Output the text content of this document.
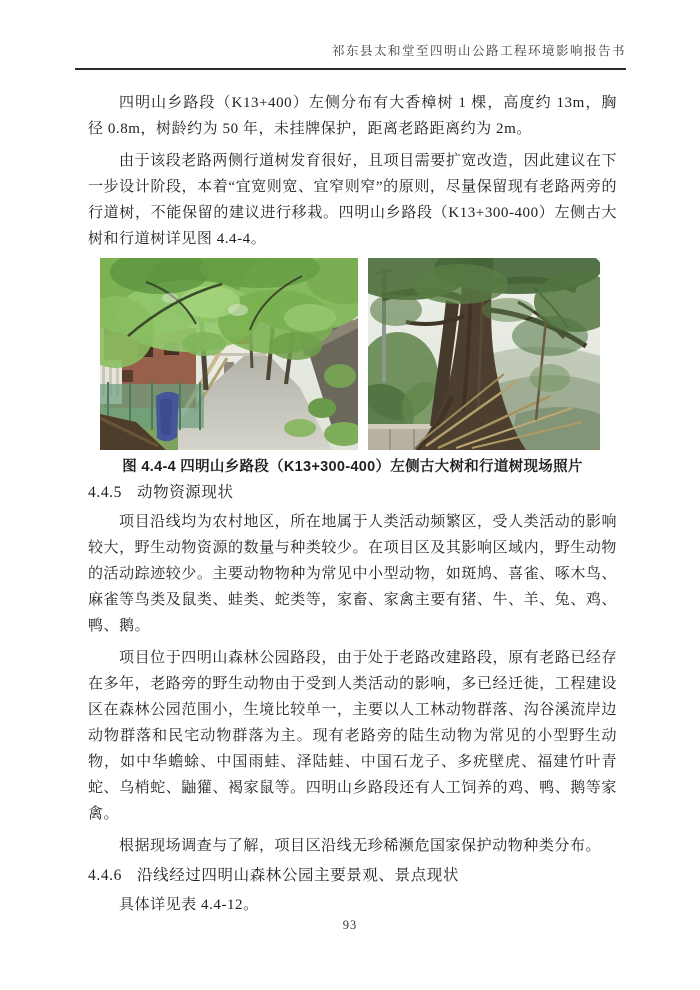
祁东县太和堂至四明山公路工程环境影响报告书

四明山乡路段（K13+400）左侧分布有大香樟树 1 棵，高度约 13m，胸径 0.8m，树龄约为 50 年，未挂牌保护，距离老路距离约为 2m。

由于该段老路两侧行道树发育很好，且项目需要扩宽改造，因此建议在下一步设计阶段，本着“宜宽则宽、宜窄则窄”的原则，尽量保留现有老路两旁的行道树，不能保留的建议进行移栽。四明山乡路段（K13+300-400）左侧古大树和行道树详见图 4.4-4。

图 4.4-4 四明山乡路段（K13+300-400）左侧古大树和行道树现场照片
4.4.5 动物资源现状

项目沿线均为农村地区，所在地属于人类活动频繁区，受人类活动的影响较大，野生动物资源的数量与种类较少。在项目区及其影响区域内，野生动物的活动踪迹较少。主要动物物种为常见中小型动物，如斑鸠、喜雀、啄木鸟、麻雀等鸟类及鼠类、蛙类、蛇类等，家畜、家禽主要有猪、牛、羊、兔、鸡、鸭、鹅。

项目位于四明山森林公园路段，由于处于老路改建路段，原有老路已经存在多年，老路旁的野生动物由于受到人类活动的影响，多已经迁徙，工程建设区在森林公园范围小，生境比较单一，主要以人工林动物群落、沟谷溪流岸边动物群落和民宅动物群落为主。现有老路旁的陆生动物为常见的小型野生动物，如中华蟾蜍、中国雨蛙、泽陆蛙、中国石龙子、多疣壁虎、福建竹叶青蛇、乌梢蛇、鼬獾、褐家鼠等。四明山乡路段还有人工饲养的鸡、鸭、鹅等家禽。

根据现场调查与了解，项目区沿线无珍稀濒危国家保护动物种类分布。

4.4.6 沿线经过四明山森林公园主要景观、景点现状

具体详见表 4.4-12。

93
